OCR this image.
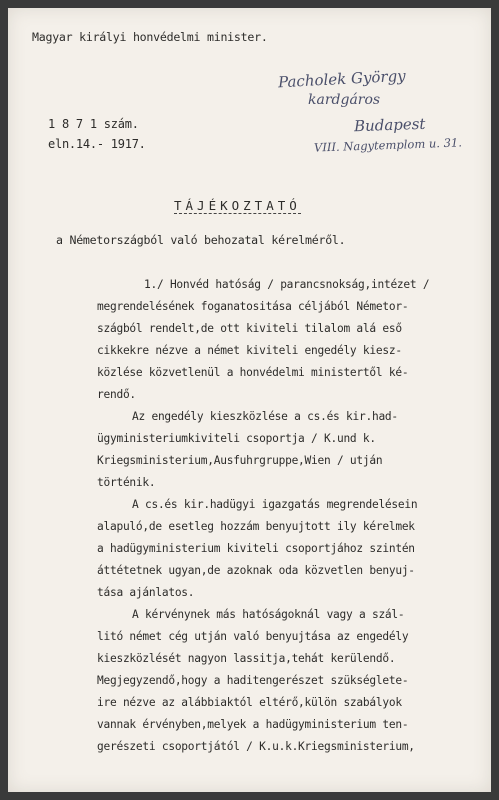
Magyar királyi honvédelmi minister.
1 8 7 1 szám.
eln.14.- 1917.
Pacholek György
kardgáros
Budapest
VIII. Nagytemplom u. 31.
TÁJÉKOZTATÓ
a Németországból való behozatal kérelméről.
1./ Honvéd hatóság / parancsnokság,intézet /
megrendelésének foganatositása céljából Németor-
szágból rendelt,de ott kiviteli tilalom alá eső
cikkekre nézve a német kiviteli engedély kiesz-
közlése közvetlenül a honvédelmi ministertől ké-
rendő.
Az engedély kieszközlése a cs.és kir.had-
ügyministeriumkiviteli csoportja / K.und k.
Kriegsministerium,Ausfuhrgruppe,Wien / utján
történik.
A cs.és kir.hadügyi igazgatás megrendelésein
alapuló,de esetleg hozzám benyujtott ily kérelmek
a hadügyministerium kiviteli csoportjához szintén
áttétetnek ugyan,de azoknak oda közvetlen benyuj-
tása ajánlatos.
A kérvénynek más hatóságoknál vagy a szál-
litó német cég utján való benyujtása az engedély
kieszközlését nagyon lassitja,tehát kerülendő.
Megjegyzendő,hogy a haditengerészet szükséglete-
ire nézve az alábbiaktól eltérő,külön szabályok
vannak érvényben,melyek a hadügyministerium ten-
gerészeti csoportjától / K.u.k.Kriegsministerium,
